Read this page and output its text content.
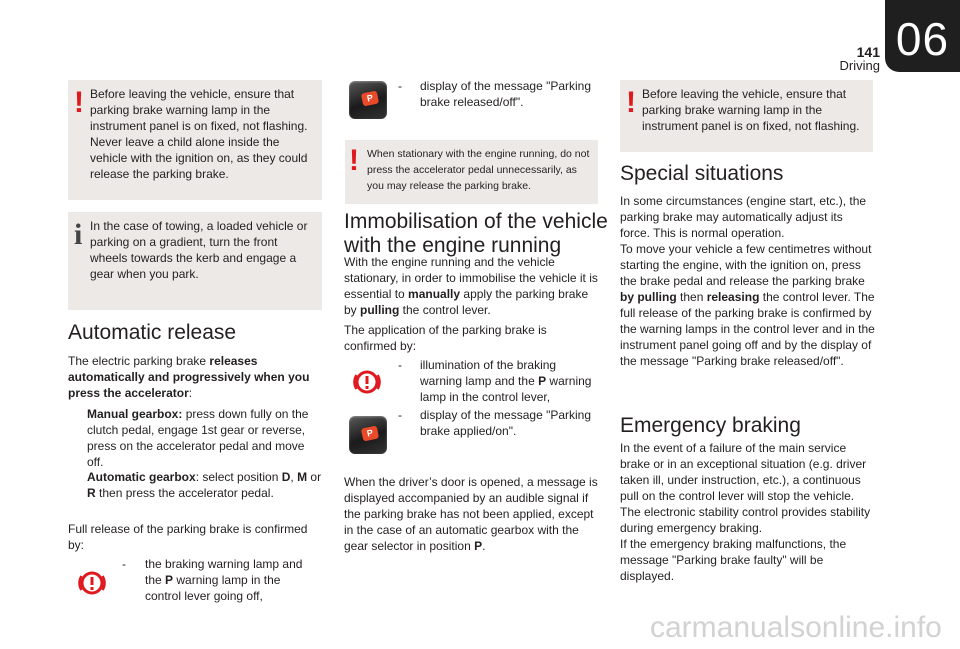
06
141
Driving
! Before leaving the vehicle, ensure that parking brake warning lamp in the instrument panel is on fixed, not flashing. Never leave a child alone inside the vehicle with the ignition on, as they could release the parking brake.
i In the case of towing, a loaded vehicle or parking on a gradient, turn the front wheels towards the kerb and engage a gear when you park.
Automatic release
The electric parking brake releases automatically and progressively when you press the accelerator:
Manual gearbox: press down fully on the clutch pedal, engage 1st gear or reverse, press on the accelerator pedal and move off.
Automatic gearbox: select position D, M or R then press the accelerator pedal.
Full release of the parking brake is confirmed by:
- the braking warning lamp and the P warning lamp in the control lever going off,
P
- display of the message "Parking brake released/off".
! When stationary with the engine running, do not press the accelerator pedal unnecessarily, as you may release the parking brake.
Immobilisation of the vehicle
with the engine running
With the engine running and the vehicle stationary, in order to immobilise the vehicle it is essential to manually apply the parking brake by pulling the control lever.
The application of the parking brake is confirmed by:
- illumination of the braking warning lamp and the P warning lamp in the control lever,
P
- display of the message "Parking brake applied/on".
When the driver’s door is opened, a message is displayed accompanied by an audible signal if the parking brake has not been applied, except in the case of an automatic gearbox with the gear selector in position P.
! Before leaving the vehicle, ensure that parking brake warning lamp in the instrument panel is on fixed, not flashing.
Special situations
In some circumstances (engine start, etc.), the parking brake may automatically adjust its force. This is normal operation.
To move your vehicle a few centimetres without starting the engine, with the ignition on, press the brake pedal and release the parking brake by pulling then releasing the control lever. The full release of the parking brake is confirmed by the warning lamps in the control lever and in the instrument panel going off and by the display of the message "Parking brake released/off".
Emergency braking
In the event of a failure of the main service brake or in an exceptional situation (e.g. driver taken ill, under instruction, etc.), a continuous pull on the control lever will stop the vehicle.
The electronic stability control provides stability during emergency braking.
If the emergency braking malfunctions, the message "Parking brake faulty" will be displayed.
carmanualsonline.info
